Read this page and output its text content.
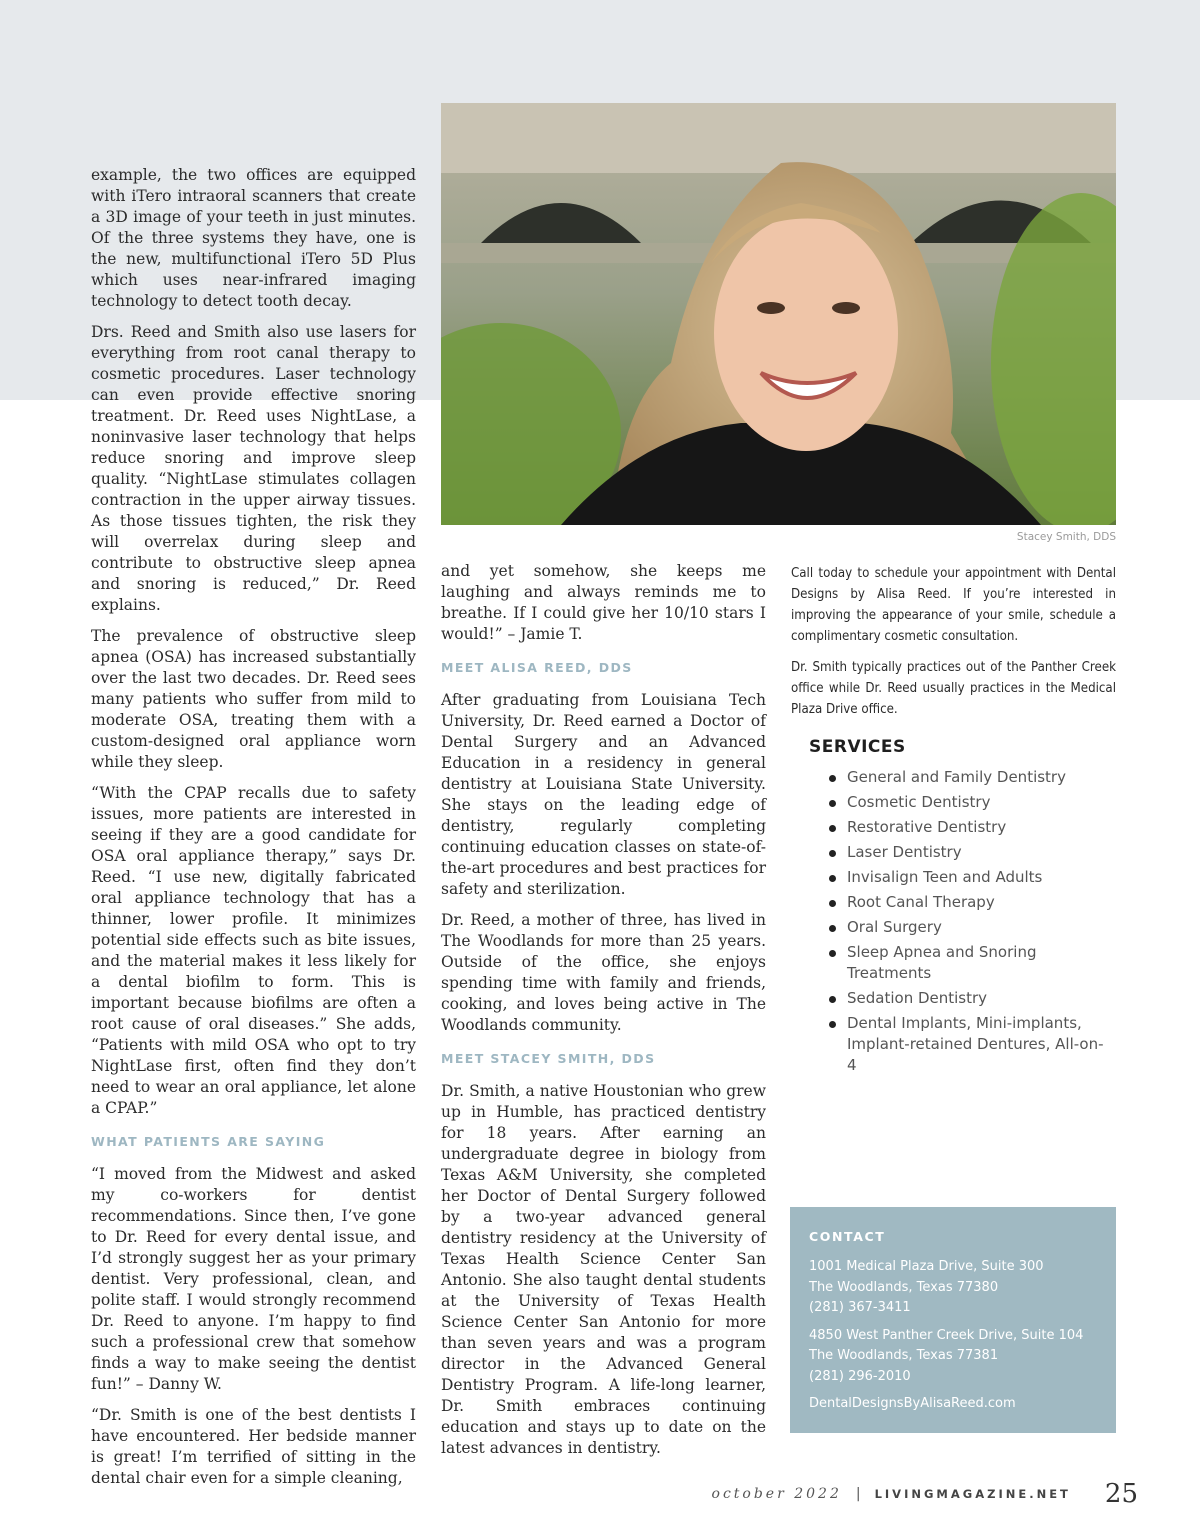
example, the two offices are equipped with iTero intraoral scanners that create a 3D image of your teeth in just minutes. Of the three systems they have, one is the new, multifunctional iTero 5D Plus which uses near-infrared imaging technology to detect tooth decay.

Drs. Reed and Smith also use lasers for everything from root canal therapy to cosmetic procedures. Laser technology can even provide effective snoring treatment. Dr. Reed uses NightLase, a noninvasive laser technology that helps reduce snoring and improve sleep quality. “NightLase stimulates collagen contraction in the upper airway tissues. As those tissues tighten, the risk they will overrelax during sleep and contribute to obstructive sleep apnea and snoring is reduced,” Dr. Reed explains.

The prevalence of obstructive sleep apnea (OSA) has increased substantially over the last two decades. Dr. Reed sees many patients who suffer from mild to moderate OSA, treating them with a custom-designed oral appliance worn while they sleep.

“With the CPAP recalls due to safety issues, more patients are interested in seeing if they are a good candidate for OSA oral appliance therapy,” says Dr. Reed. “I use new, digitally fabricated oral appliance technology that has a thinner, lower profile. It minimizes potential side effects such as bite issues, and the material makes it less likely for a dental biofilm to form. This is important because biofilms are often a root cause of oral diseases.” She adds, “Patients with mild OSA who opt to try NightLase first, often find they don’t need to wear an oral appliance, let alone a CPAP.”

WHAT PATIENTS ARE SAYING

“I moved from the Midwest and asked my co-workers for dentist recommendations. Since then, I’ve gone to Dr. Reed for every dental issue, and I’d strongly suggest her as your primary dentist. Very professional, clean, and polite staff. I would strongly recommend Dr. Reed to anyone. I’m happy to find such a professional crew that somehow finds a way to make seeing the dentist fun!” – Danny W.

“Dr. Smith is one of the best dentists I have encountered. Her bedside manner is great! I’m terrified of sitting in the dental chair even for a simple cleaning,

Stacey Smith, DDS

and yet somehow, she keeps me laughing and always reminds me to breathe. If I could give her 10/10 stars I would!” – Jamie T.

MEET ALISA REED, DDS

After graduating from Louisiana Tech University, Dr. Reed earned a Doctor of Dental Surgery and an Advanced Education in a residency in general dentistry at Louisiana State University. She stays on the leading edge of dentistry, regularly completing continuing education classes on state-of-the-art procedures and best practices for safety and sterilization.

Dr. Reed, a mother of three, has lived in The Woodlands for more than 25 years. Outside of the office, she enjoys spending time with family and friends, cooking, and loves being active in The Woodlands community.

MEET STACEY SMITH, DDS

Dr. Smith, a native Houstonian who grew up in Humble, has practiced dentistry for 18 years. After earning an undergraduate degree in biology from Texas A&M University, she completed her Doctor of Dental Surgery followed by a two-year advanced general dentistry residency at the University of Texas Health Science Center San Antonio. She also taught dental students at the University of Texas Health Science Center San Antonio for more than seven years and was a program director in the Advanced General Dentistry Program. A life-long learner, Dr. Smith embraces continuing education and stays up to date on the latest advances in dentistry.

Call today to schedule your appointment with Dental Designs by Alisa Reed. If you’re interested in improving the appearance of your smile, schedule a complimentary cosmetic consultation.

Dr. Smith typically practices out of the Panther Creek office while Dr. Reed usually practices in the Medical Plaza Drive office.

SERVICES
General and Family Dentistry
Cosmetic Dentistry
Restorative Dentistry
Laser Dentistry
Invisalign Teen and Adults
Root Canal Therapy
Oral Surgery
Sleep Apnea and Snoring Treatments
Sedation Dentistry
Dental Implants, Mini-implants, Implant-retained Dentures, All-on-4
CONTACT
1001 Medical Plaza Drive, Suite 300
The Woodlands, Texas 77380
(281) 367-3411
4850 West Panther Creek Drive, Suite 104
The Woodlands, Texas 77381
(281) 296-2010
DentalDesignsByAlisaReed.com
october 2022 | LIVINGMAGAZINE.NET 25
